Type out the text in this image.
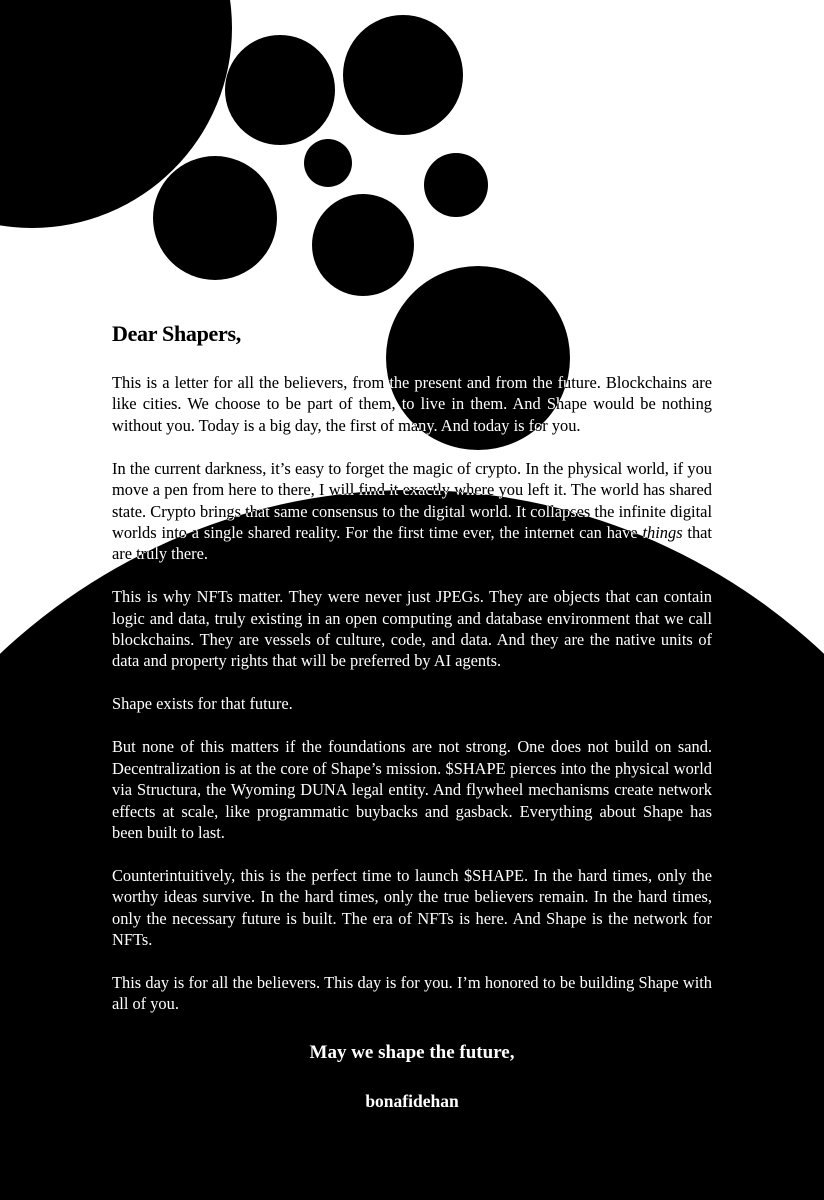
Dear Shapers,

This is a letter for all the believers, from the present and from the future. Blockchains are like cities. We choose to be part of them, to live in them. And Shape would be nothing without you. Today is a big day, the first of many. And today is for you.

In the current darkness, it’s easy to forget the magic of crypto. In the physical world, if you move a pen from here to there, I will find it exactly where you left it. The world has shared state. Crypto brings that same consensus to the digital world. It collapses the infinite digital worlds into a single shared reality. For the first time ever, the internet can have things that are truly there.

This is why NFTs matter. They were never just JPEGs. They are objects that can contain logic and data, truly existing in an open computing and database environment that we call blockchains. They are vessels of culture, code, and data. And they are the native units of data and property rights that will be preferred by AI agents.

Shape exists for that future.

But none of this matters if the foundations are not strong. One does not build on sand. Decentralization is at the core of Shape’s mission. $SHAPE pierces into the physical world via Structura, the Wyoming DUNA legal entity. And flywheel mechanisms create network effects at scale, like programmatic buybacks and gasback. Everything about Shape has been built to last.

Counterintuitively, this is the perfect time to launch $SHAPE. In the hard times, only the worthy ideas survive. In the hard times, only the true believers remain. In the hard times, only the necessary future is built. The era of NFTs is here. And Shape is the network for NFTs.

This day is for all the believers. This day is for you. I’m honored to be building Shape with all of you.

May we shape the future,
bonafidehan
